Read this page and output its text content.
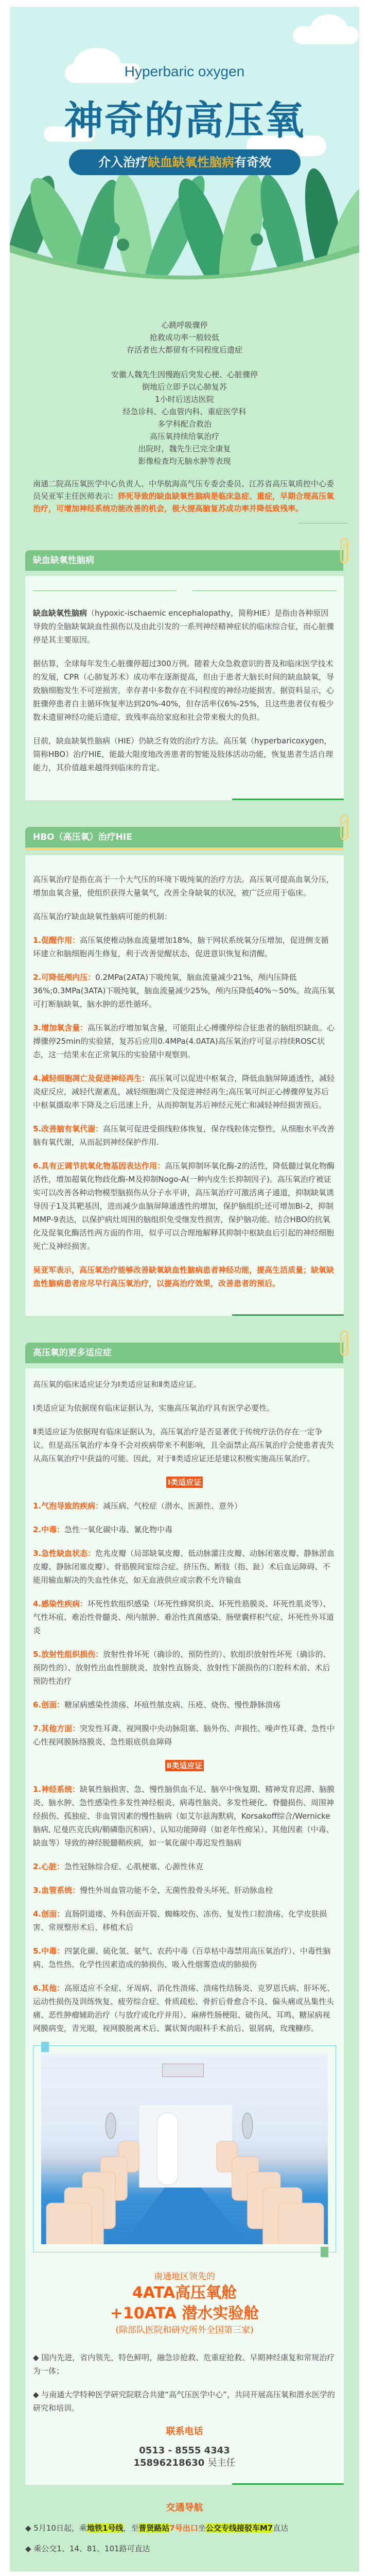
Hyperbaric oxygen
神奇的高压氧
介入治疗缺血缺氧性脑病有奇效
心跳呼吸骤停
抢救成功率一般较低
存活者也大都留有不同程度后遗症
安徽人魏先生因慢跑后突发心梗、心脏骤停
倒地后立即予以心肺复苏
1小时后送达医院
经急诊科、心血管内科、重症医学科
多学科配合救治
高压氧持续给氧治疗
出院时，魏先生已完全康复
影像检查均无脑水肿等表现
南通二院高压氧医学中心负责人、中华航海高气压专委会委员、江苏省高压氧质控中心委员吴亚军主任医师表示：猝死导致的缺血缺氧性脑病是临床急症、重症，早期合理高压氧治疗，可增加神经系统功能改善的机会，极大提高脑复苏成功率并降低致残率。
缺血缺氧性脑病

缺血缺氧性脑病（hypoxic-ischaemic encephalopathy，简称HIE）是指由各种原因导致的全脑缺氧缺血性损伤以及由此引发的一系列神经精神症状的临床综合征，而心脏骤停是其主要原因。

据估算，全球每年发生心脏骤停超过300万例。随着大众急救意识的普及和临床医学技术的发展，CPR（心肺复苏术）成功率在逐渐提高，但由于患者大脑长时间的缺血缺氧，导致脑细胞发生不可逆损害，幸存者中多数存在不同程度的神经功能损害。据资料显示，心脏骤停患者自主循环恢复率达到20%-40%，但存活率仅6%-25%，且这些患者仅有极少数未遗留神经功能后遗症，致残率高给家庭和社会带来极大的负担。

目前，缺血缺氧性脑病（HIE）仍缺乏有效的治疗方法。高压氧（hyperbaricoxygen，简称HBO）治疗HIE，能最大限度地改善患者的智能及肢体活动功能，恢复患者生活自理能力，其价值越来越得到临床的肯定。

HBO（高压氧）治疗HIE

高压氧治疗是指在高于一个大气压的环境下吸纯氧的治疗方法。高压氧可提高血氧分压，增加血氧含量，使组织获得大量氧气，改善全身缺氧的状况，被广泛应用于临床。

高压氧治疗缺血缺氧性脑病可能的机制：

1.促醒作用：高压氧使椎动脉血流量增加18%，脑干网状系统氧分压增加，促进侧支循环建立和脑细胞再生修复，利于改善觉醒状态，促进意识恢复和清醒。

2.可降低颅内压：0.2MPa(2ATA)下吸纯氧，脑血流量减少21%，颅内压降低36%;0.3MPa(3ATA)下吸纯氧，脑血流量减少25%，颅内压降低40%～50%。故高压氧可打断脑缺氧、脑水肿的恶性循环。

3.增加氧含量：高压氧治疗增加氧含量，可能阻止心搏骤停综合征患者的脑组织缺血。心搏骤停25min的实验猪，复苏后应用0.4MPa(4.0ATA)高压氧治疗可显示持续ROSC状态，这一结果未在正常氧压的实验猪中观察到。

4.减轻细胞凋亡及促进神经再生：高压氧可以促进中枢氧合，降低血脑屏障通透性，减轻炎症反应，减轻代谢紊乱，减轻细胞凋亡及促进神经再生;高压氧可纠正心搏骤停复苏后中枢氧摄取率下降及之后迅速上升，从而抑制复苏后神经元死亡和减轻神经损害预后。

5.改善脑有氧代谢：高压氧可促进受损线粒体恢复，保存线粒体完整性，从细胞水平改善脑有氧代谢，从而起到神经保护作用.

6.具有正调节抗氧化物基因表达作用：高压氧抑制环氧化酶-2的活性，降低髓过氧化物酶活性，增加超氧化物歧化酶-M及抑制Nogo-A(一种内皮生长抑制因子)。高压氧治疗被证实可以改善各种动物模型脑损伤从分子水平讲，高压氧治疗可激活离子通道，抑制缺氧诱导因子1及其靶基因，进而减少血脑屏障通透性的增加，保护脑组织;还可增加Bl-2，抑制MMP-9表达，以保护病灶周围的脑组织免受继发性损害，保护脑功能。结合HBO的抗氧化及促氧化酶活性两方面的作用，似乎可以合理地解释其抑制中枢缺血后引起的神经细胞死亡及神经损害。

吴亚军表示，高压氧治疗能够改善缺氧缺血性脑病患者神经功能，提高生活质量；缺氧缺血性脑病患者应尽早行高压氧治疗，以提高治疗效果，改善患者的预后。

高压氧的更多适应症

高压氧的临床适应证分为Ⅰ类适应证和Ⅱ类适应证。

Ⅰ类适应证为依据现有临床证据认为，实施高压氧治疗具有医学必要性。

Ⅱ类适应证为依据现有临床证据认为，高压氧治疗是否显著优于传统疗法仍存在一定争议。但是高压氧治疗本身不会对疾病带来不利影响，且全面禁止高压氧治疗会使患者丧失从高压氧治疗中获益的可能。因此，对于Ⅱ类适应证还是建议积极实施高压氧治疗。

Ⅰ类适应证

1.气泡导致的疾病：减压病、气栓症（潜水、医源性、意外）

2.中毒：急性一氧化碳中毒、氰化物中毒

3.急性缺血状态：危兆皮瓣（局部缺氧皮瓣、低动脉灌注皮瓣、动脉闭塞皮瓣、静脉淤血皮瓣、静脉闭塞皮瓣）、骨筋膜间室综合症、挤压伤、断肢（指、趾）术后血运障碍、不能用输血解决的失血性休克，如无血液供应或宗教不允许输血

4.感染性疾病：坏死性软组织感染（坏死性蜂窝织炎、坏死性筋膜炎、坏死性肌炎等）、气性坏疽、难治性骨髓炎、颅内脓肿、难治性真菌感染、肠壁囊样积气症、坏死性外耳道炎

5.放射性组织损伤：放射性骨坏死（确诊的、预防性的）、软组织放射性坏死（确诊的、预防性的）、放射性出血性膀胱炎、放射性直肠炎、放射性下颌损伤的口腔科术前、术后预防性治疗

6.创面：糖尿病感染性溃疡、坏疽性脓皮病、压疮、烧伤、慢性静脉溃疡

7.其他方面：突发性耳聋、视网膜中央动脉阻塞、脑外伤、声损性、噪声性耳聋、急性中心性视网膜脉络膜炎、急性眼底供血障碍

Ⅱ类适应证

1.神经系统：缺氧性脑损害、急、慢性脑供血不足、脑卒中恢复期、精神发育迟滞、脑膜炎、脑水肿、急性感染性多发性神经根炎、病毒性脑炎、多发性硬化、脊髓损伤、周围神经损伤、孤独症、非血管因素的慢性脑病（如艾尔兹海默病，Korsakoff综合/Wernicke脑病, 尼曼匹克氏病/鞘磷脂沉积病）、认知功能障碍（如老年性痴呆）、其他因素（中毒、缺血等）导致的神经脱髓鞘疾病，如一氧化碳中毒迟发性脑病

2.心脏：急性冠脉综合症、心肌梗塞、心源性休克

3.血管系统：慢性外周血管功能不全、无菌性股骨头坏死、肝动脉血栓

4.创面：直肠阴道瘘、外科创面开裂、蜘蛛咬伤、冻伤、复发性口腔溃疡、化学皮肤损害、常规整形术后、移植术后

5.中毒：四氯化碳、硫化氢、氨气、农药中毒（百草枯中毒禁用高压氧治疗）、中毒性脑病、急性热、化学性因素造成的肺损伤、吸入性烟雾造成的肺损伤

6.其他：高原适应不全症、牙周病、消化性溃疡、溃疡性结肠炎、克罗恩氏病、肝坏死、运动性损伤及训练恢复、疲劳综合症、骨质疏松、骨折后骨愈合不良、偏头痛或丛集性头痛、恶性肿瘤辅助治疗（与放疗或化疗并用）、麻痹性肠梗阻、破伤风、耳鸣、糖尿病视网膜病变，青光眼，视网膜脱离术后、翼状胬肉眼科手术前后、银屑病，玫瑰糠疹。

南通地区领先的
4ATA高压氧舱
+10ATA 潜水实验舱
(除部队医院和研究所外全国第三家)

◆ 国内先进，省内领先，特色鲜明，融急诊抢救、危重症抢救、早期神经康复和常规治疗为一体；

◆ 与南通大学特种医学研究院联合共建“高气压医学中心”，共同开展高压氧和潜水医学的研究和培训。

联系电话
0513 - 8555 4343
15896218630 吴主任
交通导航

◆ 5月10日起，乘地铁1号线，至普贤路站7号出口坐公交专线接驳车M7直达

◆ 乘公交1、14、81、101路可直达
